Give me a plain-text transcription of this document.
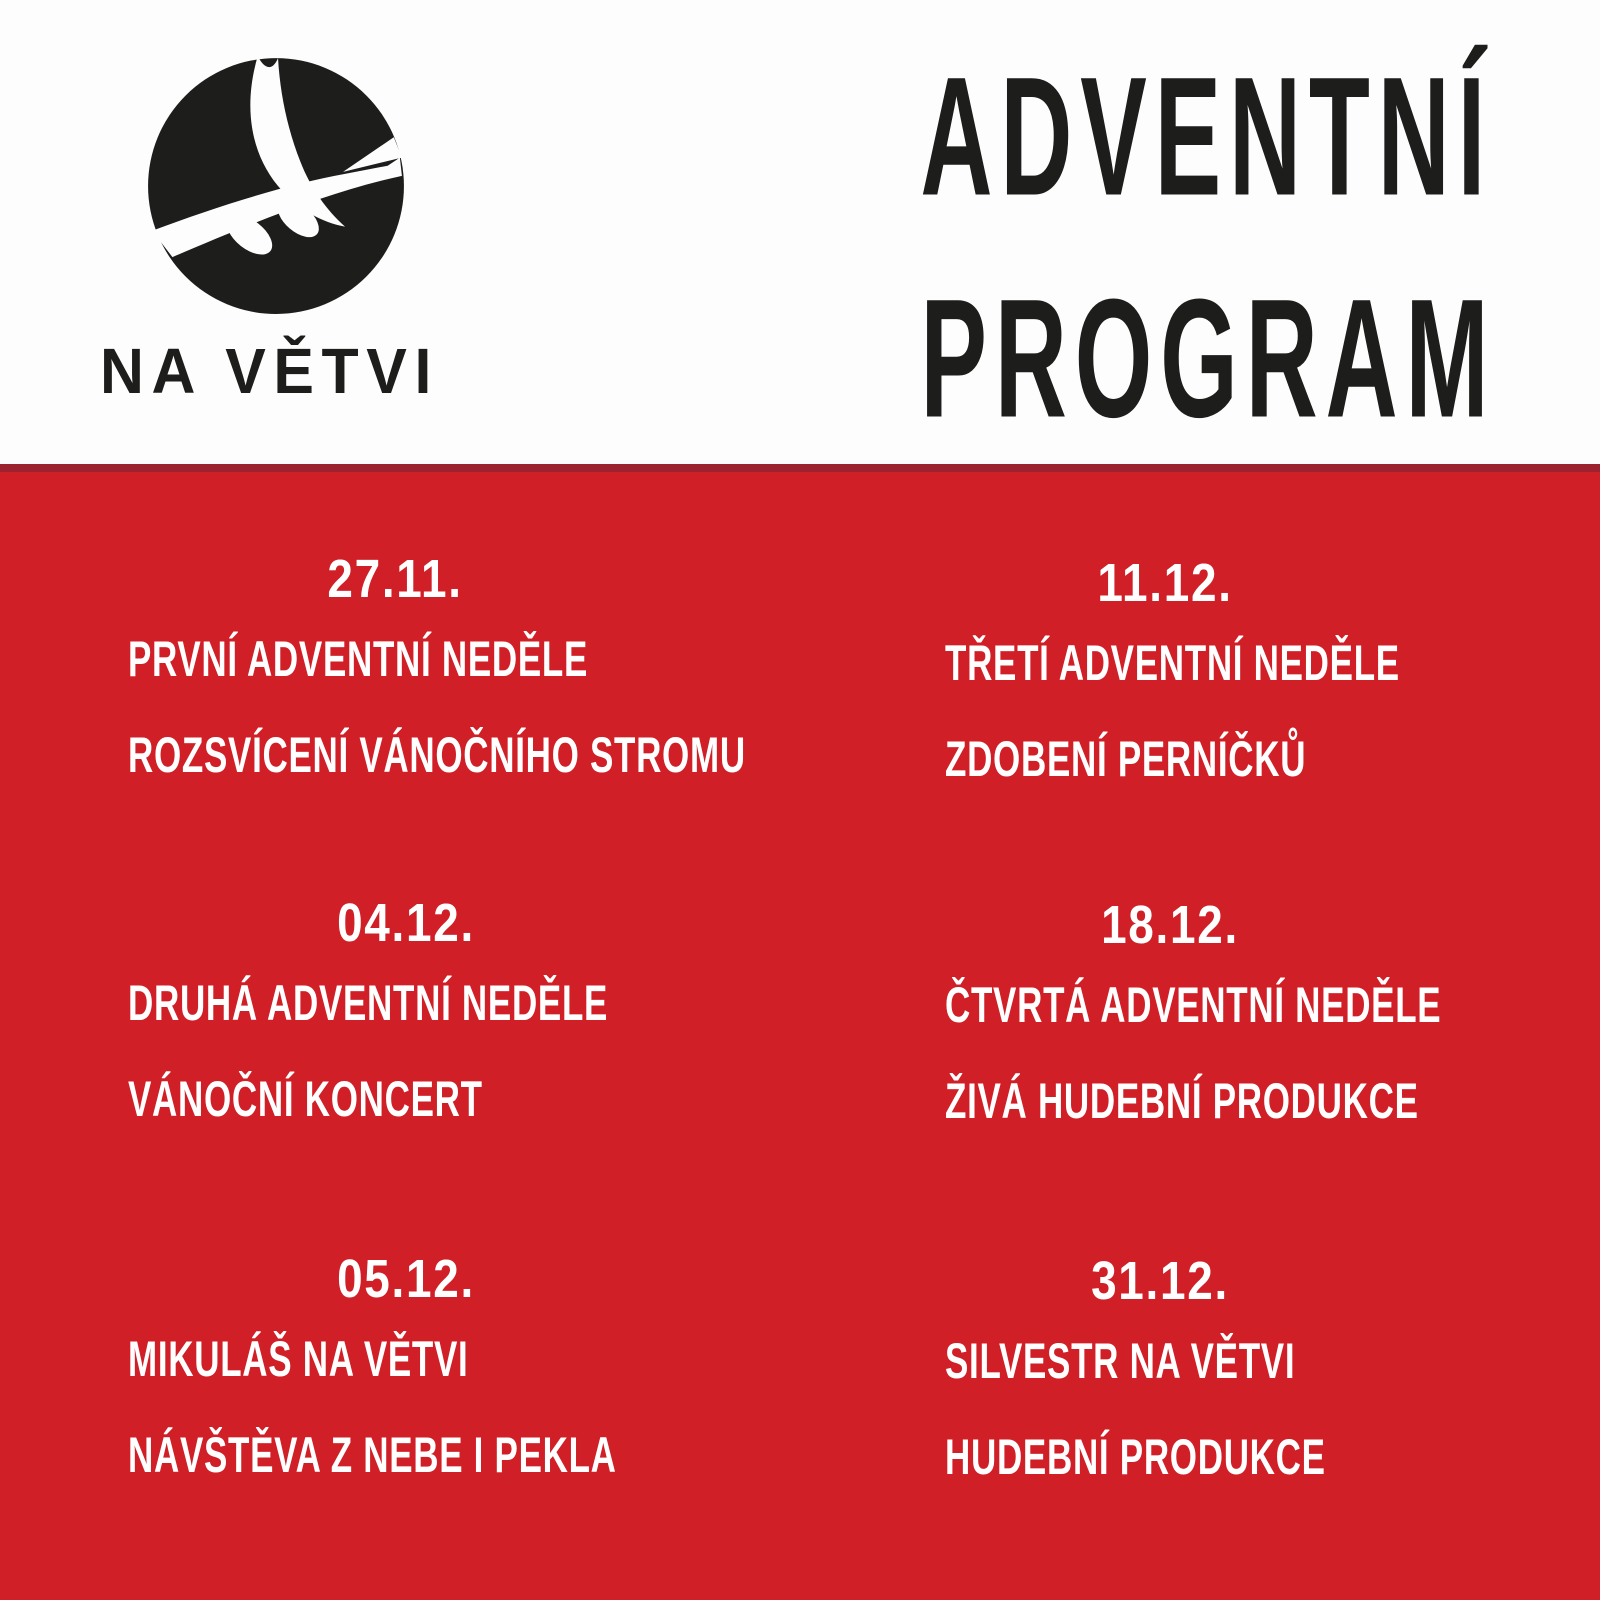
NA VĚTVI
ADVENTNÍ
PROGRAM
27.11.
PRVNÍ ADVENTNÍ NEDĚLE
ROZSVÍCENÍ VÁNOČNÍHO STROMU
04.12.
DRUHÁ ADVENTNÍ NEDĚLE
VÁNOČNÍ KONCERT
05.12.
MIKULÁŠ NA VĚTVI
NÁVŠTĚVA Z NEBE I PEKLA
11.12.
TŘETÍ ADVENTNÍ NEDĚLE
ZDOBENÍ PERNÍČKŮ
18.12.
ČTVRTÁ ADVENTNÍ NEDĚLE
ŽIVÁ HUDEBNÍ PRODUKCE
31.12.
SILVESTR NA VĚTVI
HUDEBNÍ PRODUKCE
